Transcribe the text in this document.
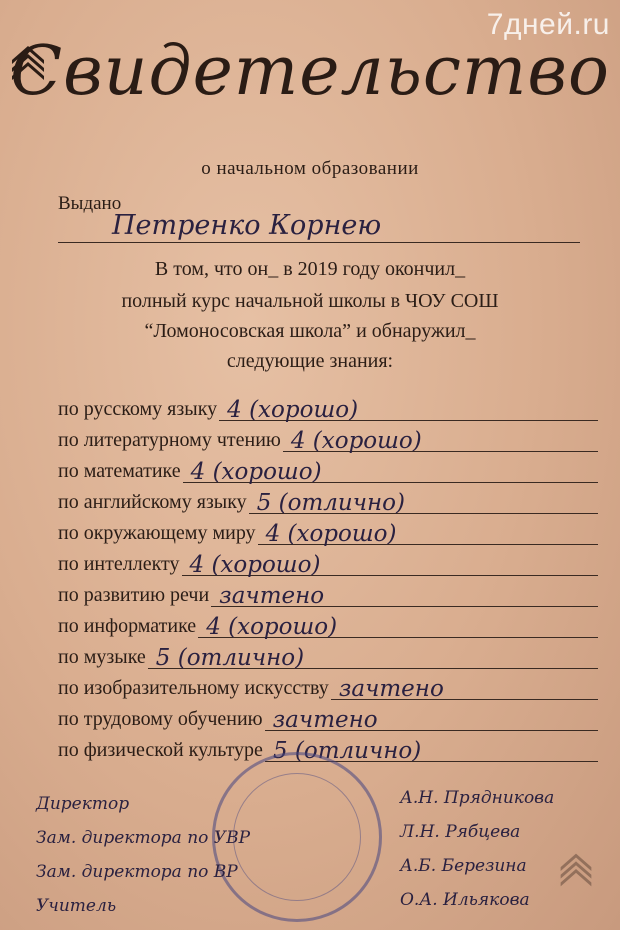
7дней.ru
Свидетельство
о начальном образовании
Выдано
Петренко Корнею
В том, что он_ в 2019 году окончил_
полный курс начальной школы в ЧОУ СОШ
“Ломоносовская школа” и обнаружил_
следующие знания:
по русскому языку 4 (хорошо)
по литературному чтению 4 (хорошо)
по математике 4 (хорошо)
по английскому языку 5 (отлично)
по окружающему миру 4 (хорошо)
по интеллекту 4 (хорошо)
по развитию речи зачтено
по информатике 4 (хорошо)
по музыке 5 (отлично)
по изобразительному искусству зачтено
по трудовому обучению зачтено
по физической культуре 5 (отлично)
Директор	А.Н. Прядникова
Зам. директора по УВР	Л.Н. Рябцева
Зам. директора по ВР	А.Б. Березина
Учитель	О.А. Ильякова
